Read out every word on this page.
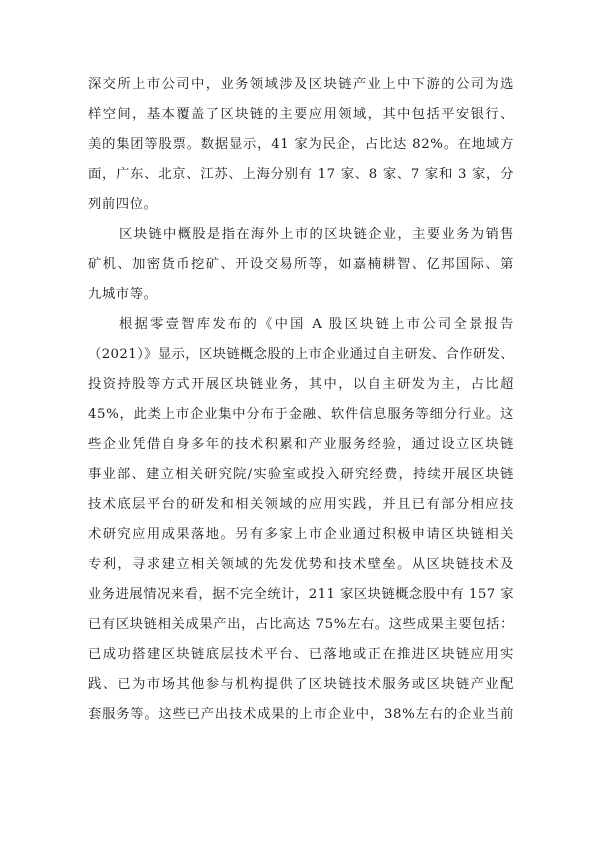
深交所上市公司中，业务领域涉及区块链产业上中下游的公司为选

样空间，基本覆盖了区块链的主要应用领域，其中包括平安银行、

美的集团等股票。数据显示，41 家为民企，占比达 82%。在地域方

面，广东、北京、江苏、上海分别有 17 家、8 家、7 家和 3 家，分

列前四位。

区块链中概股是指在海外上市的区块链企业，主要业务为销售

矿机、加密货币挖矿、开设交易所等，如嘉楠耕智、亿邦国际、第

九城市等。

根据零壹智库发布的《中国 A 股区块链上市公司全景报告

（2021）》显示，区块链概念股的上市企业通过自主研发、合作研发、

投资持股等方式开展区块链业务，其中，以自主研发为主，占比超

45%，此类上市企业集中分布于金融、软件信息服务等细分行业。这

些企业凭借自身多年的技术积累和产业服务经验，通过设立区块链

事业部、建立相关研究院/实验室或投入研究经费，持续开展区块链

技术底层平台的研发和相关领域的应用实践，并且已有部分相应技

术研究应用成果落地。另有多家上市企业通过积极申请区块链相关

专利，寻求建立相关领域的先发优势和技术壁垒。从区块链技术及

业务进展情况来看，据不完全统计，211 家区块链概念股中有 157 家

已有区块链相关成果产出，占比高达 75%左右。这些成果主要包括：

已成功搭建区块链底层技术平台、已落地或正在推进区块链应用实

践、已为市场其他参与机构提供了区块链技术服务或区块链产业配

套服务等。这些已产出技术成果的上市企业中，38%左右的企业当前
